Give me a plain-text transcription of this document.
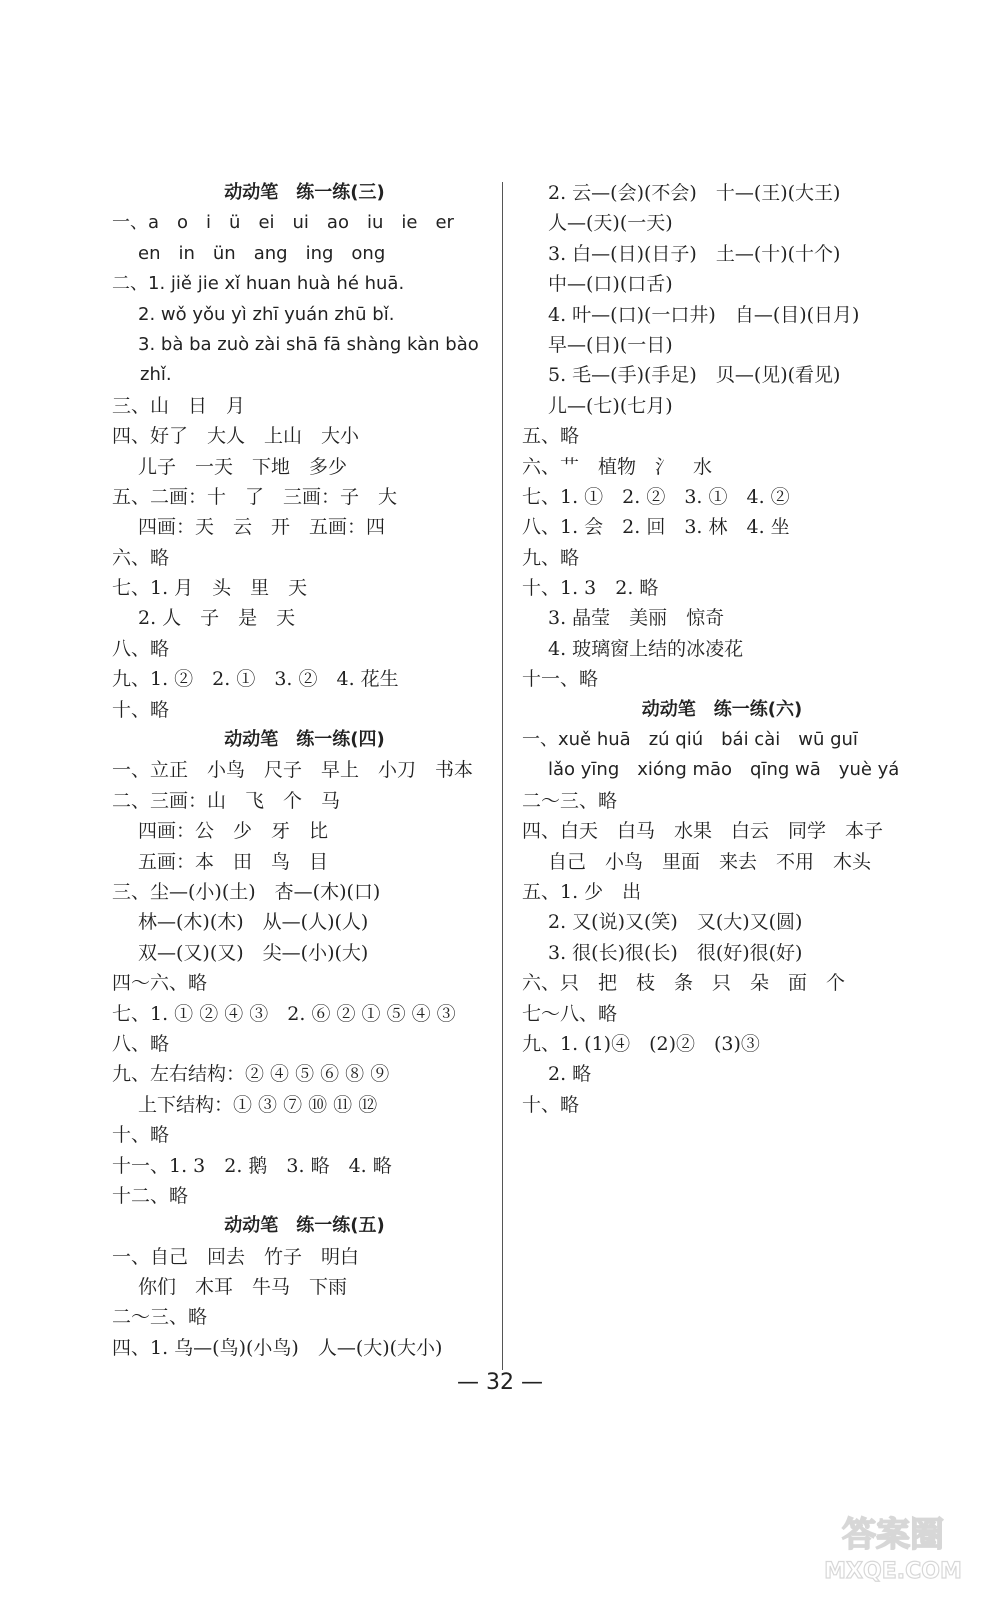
动动笔　练一练(三)
一、a　o　i　ü　ei　ui　ao　iu　ie　er
en　in　ün　ang　ing　ong
二、1. jiě jie xǐ huan huà hé huā.
2. wǒ yǒu yì zhī yuán zhū bǐ.
3. bà ba zuò zài shā fā shàng kàn bào
zhǐ.
三、山　日　月
四、好了　大人　上山　大小
儿子　一天　下地　多少
五、二画：十　了　三画：子　大
四画：天　云　开　五画：四
六、略
七、1. 月　头　里　天
2. 人　子　是　天
八、略
九、1. ②　2. ①　3. ②　4. 花生
十、略
动动笔　练一练(四)
一、立正　小鸟　尺子　早上　小刀　书本
二、三画：山　飞　个　马
四画：公　少　牙　比
五画：本　田　鸟　目
三、尘—(小)(土)　杏—(木)(口)
林—(木)(木)　从—(人)(人)
双—(又)(又)　尖—(小)(大)
四～六、略
七、1. ① ② ④ ③　2. ⑥ ② ① ⑤ ④ ③
八、略
九、左右结构：② ④ ⑤ ⑥ ⑧ ⑨
上下结构：① ③ ⑦ ⑩ ⑪ ⑫
十、略
十一、1. 3　2. 鹅　3. 略　4. 略
十二、略
动动笔　练一练(五)
一、自己　回去　竹子　明白
你们　木耳　牛马　下雨
二～三、略
四、1. 乌—(鸟)(小鸟)　人—(大)(大小)
2. 云—(会)(不会)　十—(王)(大王)
人—(天)(一天)
3. 白—(日)(日子)　土—(十)(十个)
中—(口)(口舌)
4. 叶—(口)(一口井)　自—(目)(日月)
早—(日)(一日)
5. 毛—(手)(手足)　贝—(见)(看见)
儿—(七)(七月)
五、略
六、艹　植物　氵　水
七、1. ①　2. ②　3. ①　4. ②
八、1. 会　2. 回　3. 林　4. 坐
九、略
十、1. 3　2. 略
3. 晶莹　美丽　惊奇
4. 玻璃窗上结的冰凌花
十一、略
动动笔　练一练(六)
一、xuě huā　zú qiú　bái cài　wū guī
lǎo yīng　xióng māo　qīng wā　yuè yá
二～三、略
四、白天　白马　水果　白云　同学　本子
自己　小鸟　里面　来去　不用　木头
五、1. 少　出
2. 又(说)又(笑)　又(大)又(圆)
3. 很(长)很(长)　很(好)很(好)
六、只　把　枝　条　只　朵　面　个
七～八、略
九、1. (1)④　(2)②　(3)③
2. 略
十、略
— 32 —
答案圈
MXQE.COM
